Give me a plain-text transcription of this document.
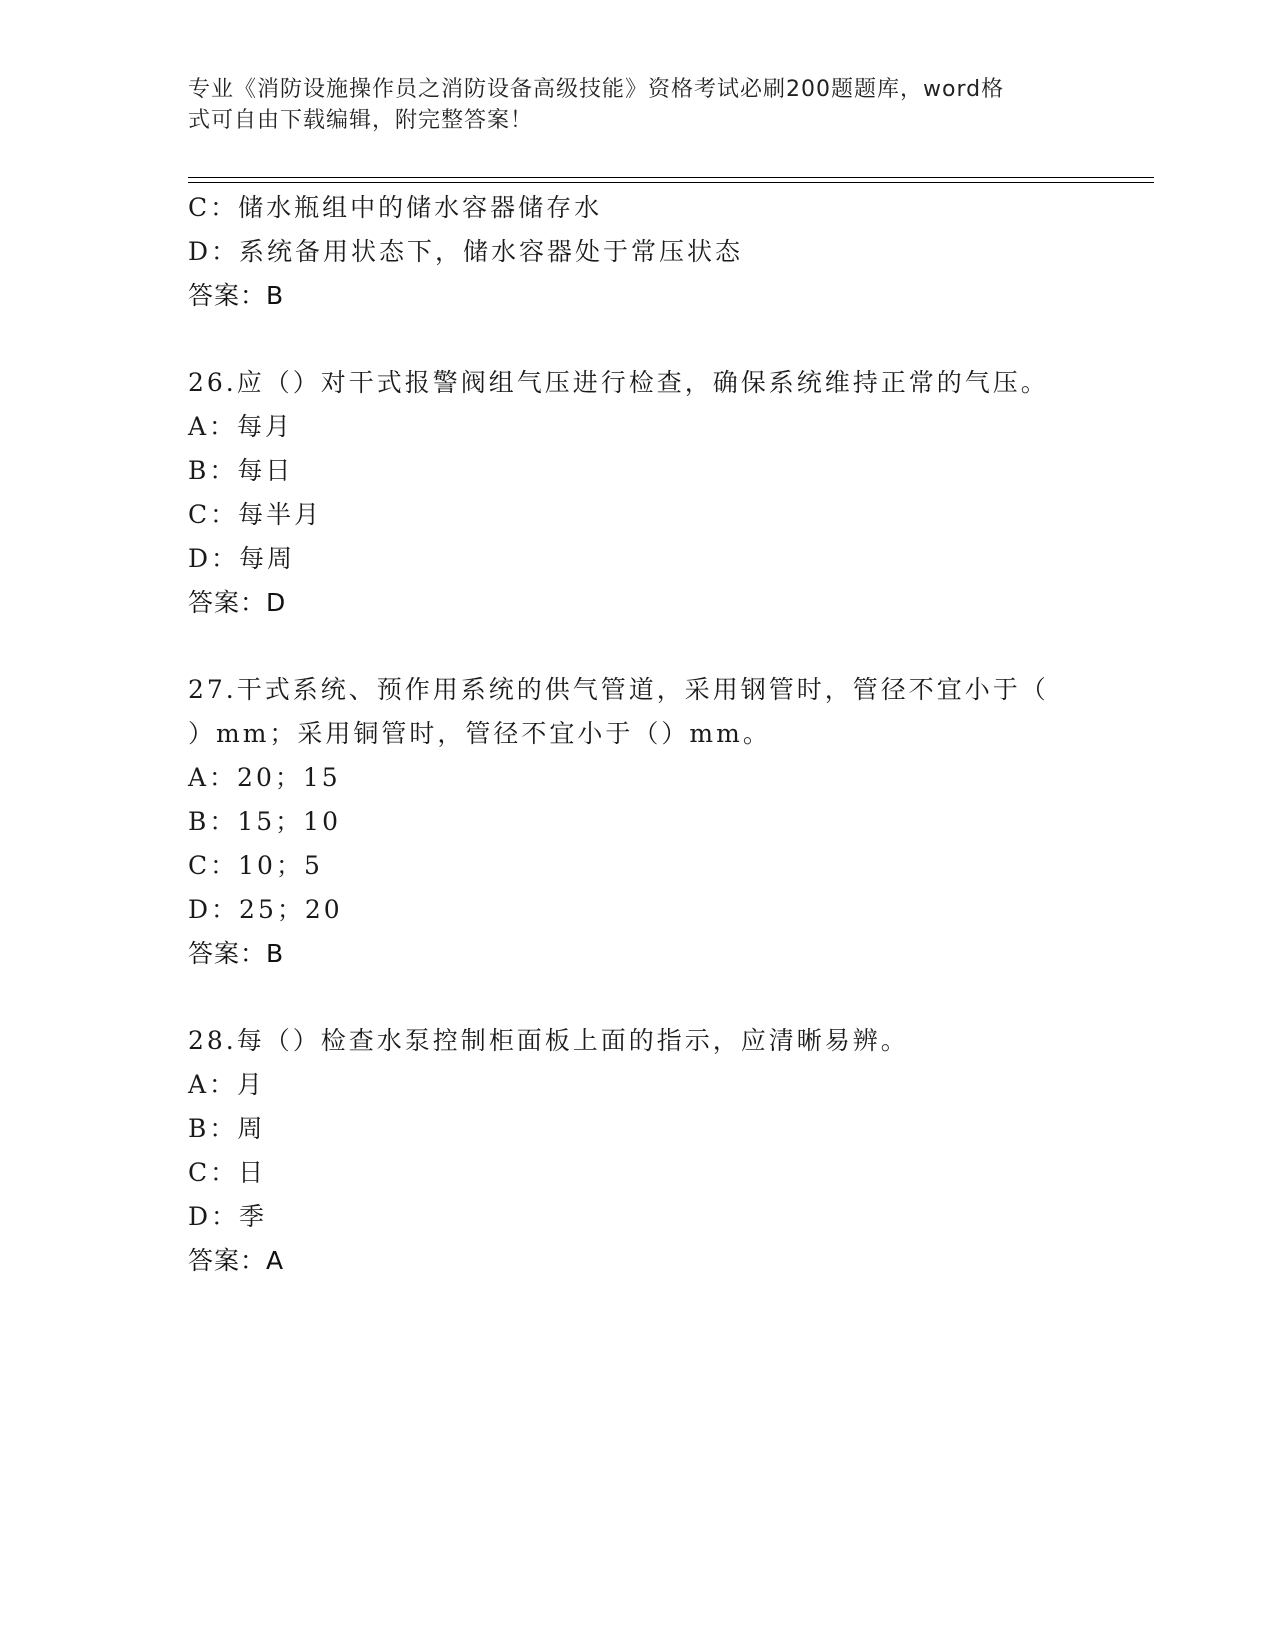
专业《消防设施操作员之消防设备高级技能》资格考试必刷200题题库，word格
式可自由下载编辑，附完整答案！
C：储水瓶组中的储水容器储存水
D：系统备用状态下，储水容器处于常压状态
答案：B
26.应（）对干式报警阀组气压进行检查，确保系统维持正常的气压。
A：每月
B：每日
C：每半月
D：每周
答案：D
27.干式系统、预作用系统的供气管道，采用钢管时，管径不宜小于（
）mm；采用铜管时，管径不宜小于（）mm。
A：20；15
B：15；10
C：10；5
D：25；20
答案：B
28.每（）检查水泵控制柜面板上面的指示，应清晰易辨。
A：月
B：周
C：日
D：季
答案：A
